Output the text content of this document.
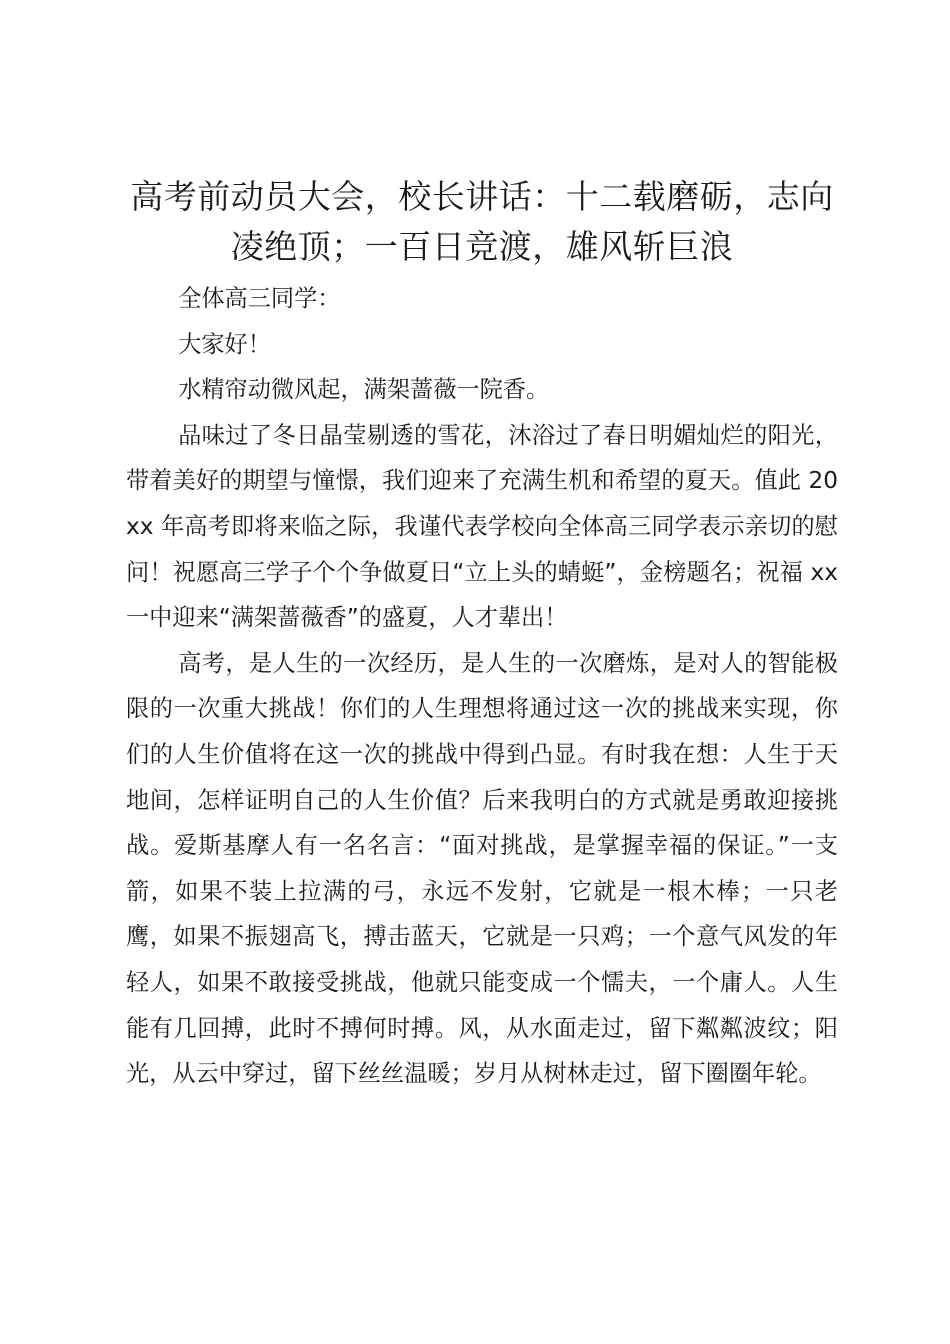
高考前动员大会，校长讲话：十二载磨砺，志向凌绝顶；一百日竞渡，雄风斩巨浪

全体高三同学：

大家好！

水精帘动微风起，满架蔷薇一院香。

品味过了冬日晶莹剔透的雪花，沐浴过了春日明媚灿烂的阳光，带着美好的期望与憧憬，我们迎来了充满生机和希望的夏天。值此 20xx 年高考即将来临之际，我谨代表学校向全体高三同学表示亲切的慰问！祝愿高三学子个个争做夏日“立上头的蜻蜓”，金榜题名；祝福 xx 一中迎来“满架蔷薇香”的盛夏，人才辈出！

高考，是人生的一次经历，是人生的一次磨炼，是对人的智能极限的一次重大挑战！你们的人生理想将通过这一次的挑战来实现，你们的人生价值将在这一次的挑战中得到凸显。有时我在想：人生于天地间，怎样证明自己的人生价值？后来我明白的方式就是勇敢迎接挑战。爱斯基摩人有一名名言：“面对挑战，是掌握幸福的保证。”一支箭，如果不装上拉满的弓，永远不发射，它就是一根木棒；一只老鹰，如果不振翅高飞，搏击蓝天，它就是一只鸡；一个意气风发的年轻人，如果不敢接受挑战，他就只能变成一个懦夫，一个庸人。人生能有几回搏，此时不搏何时搏。风，从水面走过，留下粼粼波纹；阳光，从云中穿过，留下丝丝温暖；岁月从树林走过，留下圈圈年轮。
